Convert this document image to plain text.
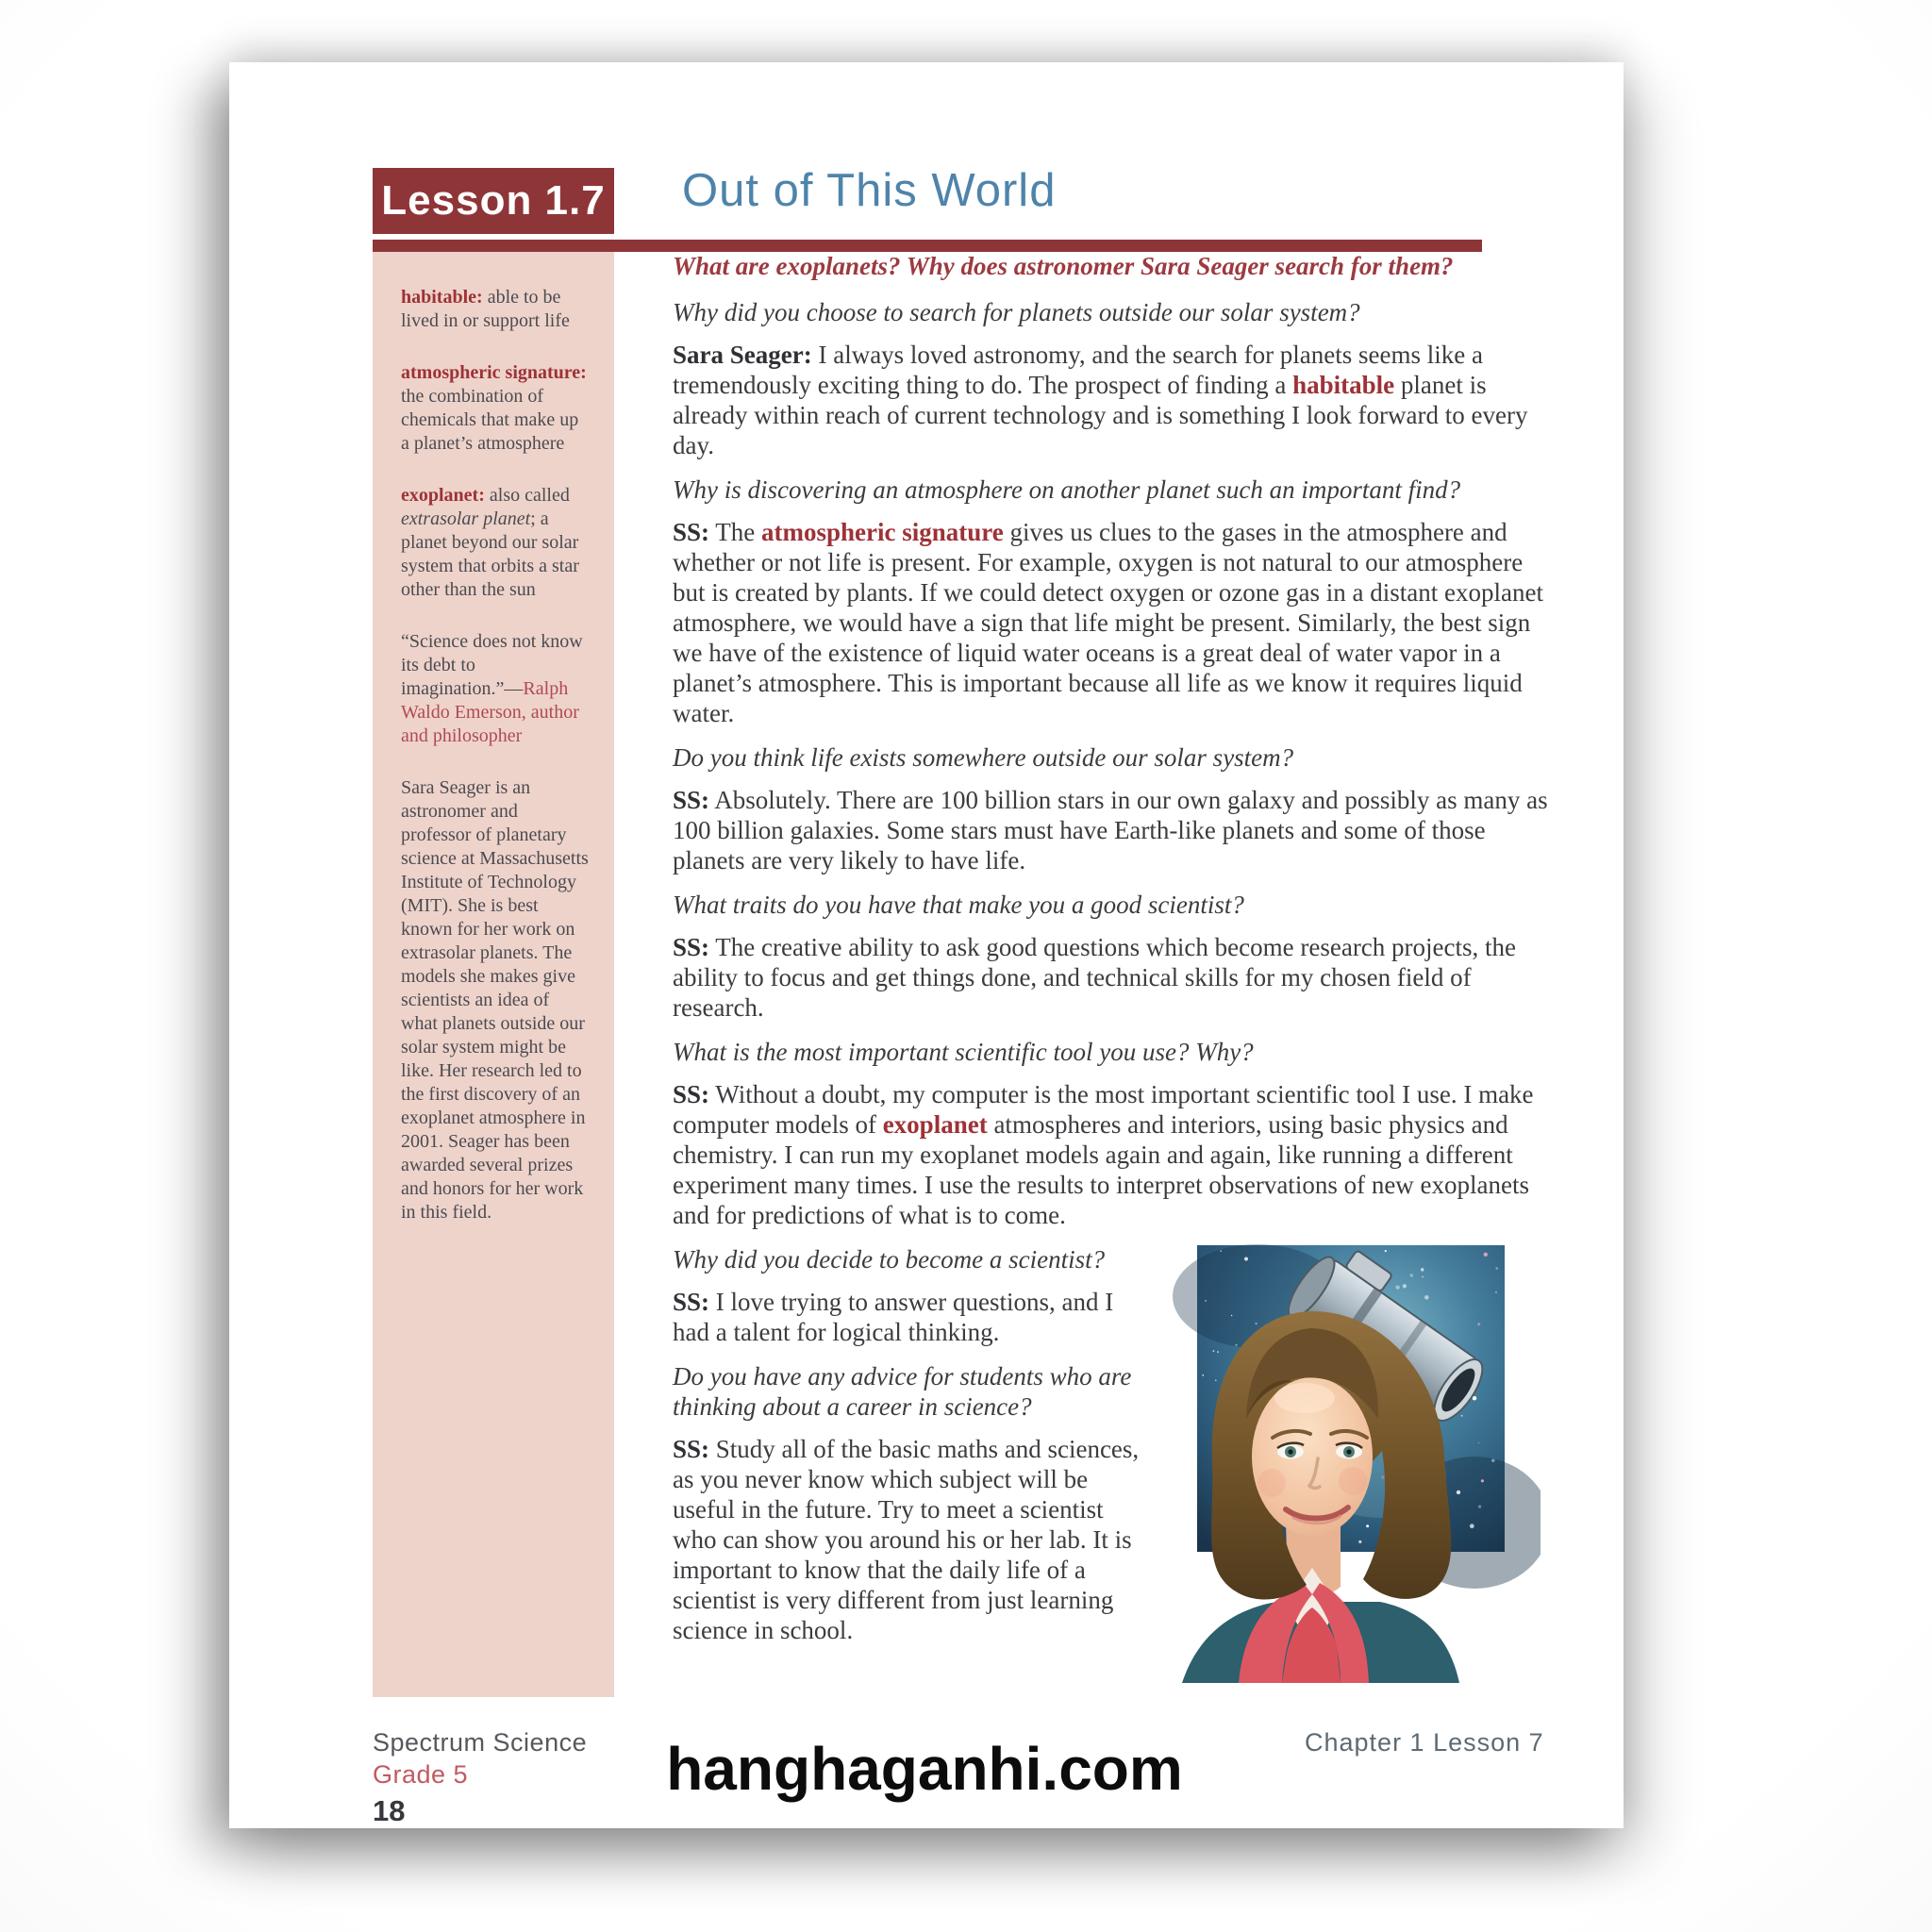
Lesson 1.7 Out of This World

habitable: able to be lived in or support life

atmospheric signature: the combination of chemicals that make up a planet’s atmosphere

exoplanet: also called extrasolar planet; a planet beyond our solar system that orbits a star other than the sun

“Science does not know its debt to imagination.”—Ralph Waldo Emerson, author and philosopher

Sara Seager is an astronomer and professor of planetary science at Massachusetts Institute of Technology (MIT). She is best known for her work on extrasolar planets. The models she makes give scientists an idea of what planets outside our solar system might be like. Her research led to the first discovery of an exoplanet atmosphere in 2001. Seager has been awarded several prizes and honors for her work in this field.

What are exoplanets? Why does astronomer Sara Seager search for them?

Why did you choose to search for planets outside our solar system?

Sara Seager: I always loved astronomy, and the search for planets seems like a tremendously exciting thing to do. The prospect of finding a habitable planet is already within reach of current technology and is something I look forward to every day.

Why is discovering an atmosphere on another planet such an important find?

SS: The atmospheric signature gives us clues to the gases in the atmosphere and whether or not life is present. For example, oxygen is not natural to our atmosphere but is created by plants. If we could detect oxygen or ozone gas in a distant exoplanet atmosphere, we would have a sign that life might be present. Similarly, the best sign we have of the existence of liquid water oceans is a great deal of water vapor in a planet’s atmosphere. This is important because all life as we know it requires liquid water.

Do you think life exists somewhere outside our solar system?

SS: Absolutely. There are 100 billion stars in our own galaxy and possibly as many as 100 billion galaxies. Some stars must have Earth-like planets and some of those planets are very likely to have life.

What traits do you have that make you a good scientist?

SS: The creative ability to ask good questions which become research projects, the ability to focus and get things done, and technical skills for my chosen field of research.

What is the most important scientific tool you use? Why?

SS: Without a doubt, my computer is the most important scientific tool I use. I make computer models of exoplanet atmospheres and interiors, using basic physics and chemistry. I can run my exoplanet models again and again, like running a different experiment many times. I use the results to interpret observations of new exoplanets and for predictions of what is to come.

Why did you decide to become a scientist?

SS: I love trying to answer questions, and I had a talent for logical thinking.

Do you have any advice for students who are thinking about a career in science?

SS: Study all of the basic maths and sciences, as you never know which subject will be useful in the future. Try to meet a scientist who can show you around his or her lab. It is important to know that the daily life of a scientist is very different from just learning science in school.

Spectrum Science
Grade 5
18
Chapter 1 Lesson 7
hanghaganhi.com
